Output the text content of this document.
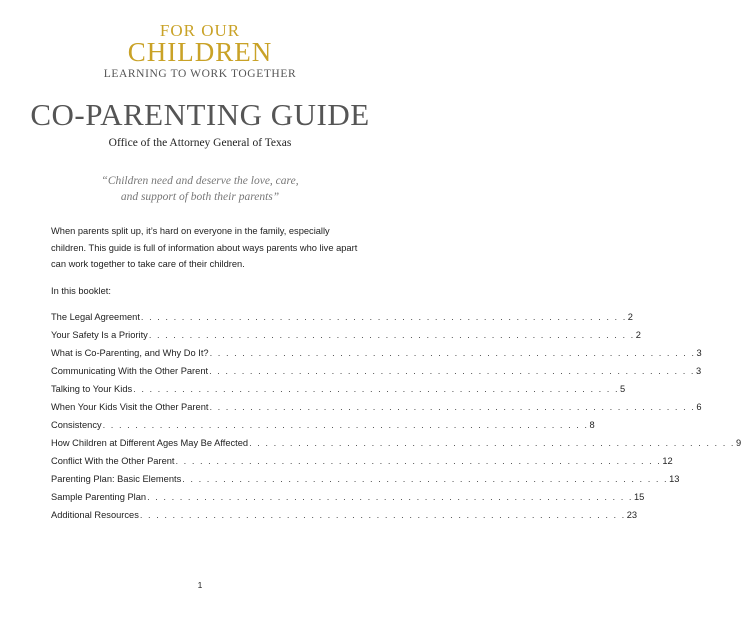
FOR OUR
CHILDREN
LEARNING TO WORK TOGETHER
CO-PARENTING GUIDE

Office of the Attorney General of Texas

“Children need and deserve the love, care,
and support of both their parents”

When parents split up, it’s hard on everyone in the family, especially children. This guide is full of information about ways parents who live apart can work together to take care of their children.

In this booklet:

The Legal Agreement . . . . . . . . . . . . . . . . . . . . . . . . . . . . . . . . . . . . . . . . . . . . . . . . . . . . . . . . . . . . 2
Your Safety Is a Priority . . . . . . . . . . . . . . . . . . . . . . . . . . . . . . . . . . . . . . . . . . . . . . . . . . . . . . . . . . . . 2
What is Co-Parenting, and Why Do It? . . . . . . . . . . . . . . . . . . . . . . . . . . . . . . . . . . . . . . . . . . . . . . . . . . . . . . . . . . . . 3
Communicating With the Other Parent . . . . . . . . . . . . . . . . . . . . . . . . . . . . . . . . . . . . . . . . . . . . . . . . . . . . . . . . . . . . 3
Talking to Your Kids . . . . . . . . . . . . . . . . . . . . . . . . . . . . . . . . . . . . . . . . . . . . . . . . . . . . . . . . . . . . 5
When Your Kids Visit the Other Parent . . . . . . . . . . . . . . . . . . . . . . . . . . . . . . . . . . . . . . . . . . . . . . . . . . . . . . . . . . . . 6
Consistency . . . . . . . . . . . . . . . . . . . . . . . . . . . . . . . . . . . . . . . . . . . . . . . . . . . . . . . . . . . . 8
How Children at Different Ages May Be Affected . . . . . . . . . . . . . . . . . . . . . . . . . . . . . . . . . . . . . . . . . . . . . . . . . . . . . . . . . . . . 9
Conflict With the Other Parent . . . . . . . . . . . . . . . . . . . . . . . . . . . . . . . . . . . . . . . . . . . . . . . . . . . . . . . . . . . . 12
Parenting Plan: Basic Elements . . . . . . . . . . . . . . . . . . . . . . . . . . . . . . . . . . . . . . . . . . . . . . . . . . . . . . . . . . . . 13
Sample Parenting Plan . . . . . . . . . . . . . . . . . . . . . . . . . . . . . . . . . . . . . . . . . . . . . . . . . . . . . . . . . . . . 15
Additional Resources . . . . . . . . . . . . . . . . . . . . . . . . . . . . . . . . . . . . . . . . . . . . . . . . . . . . . . . . . . . . 23

1
